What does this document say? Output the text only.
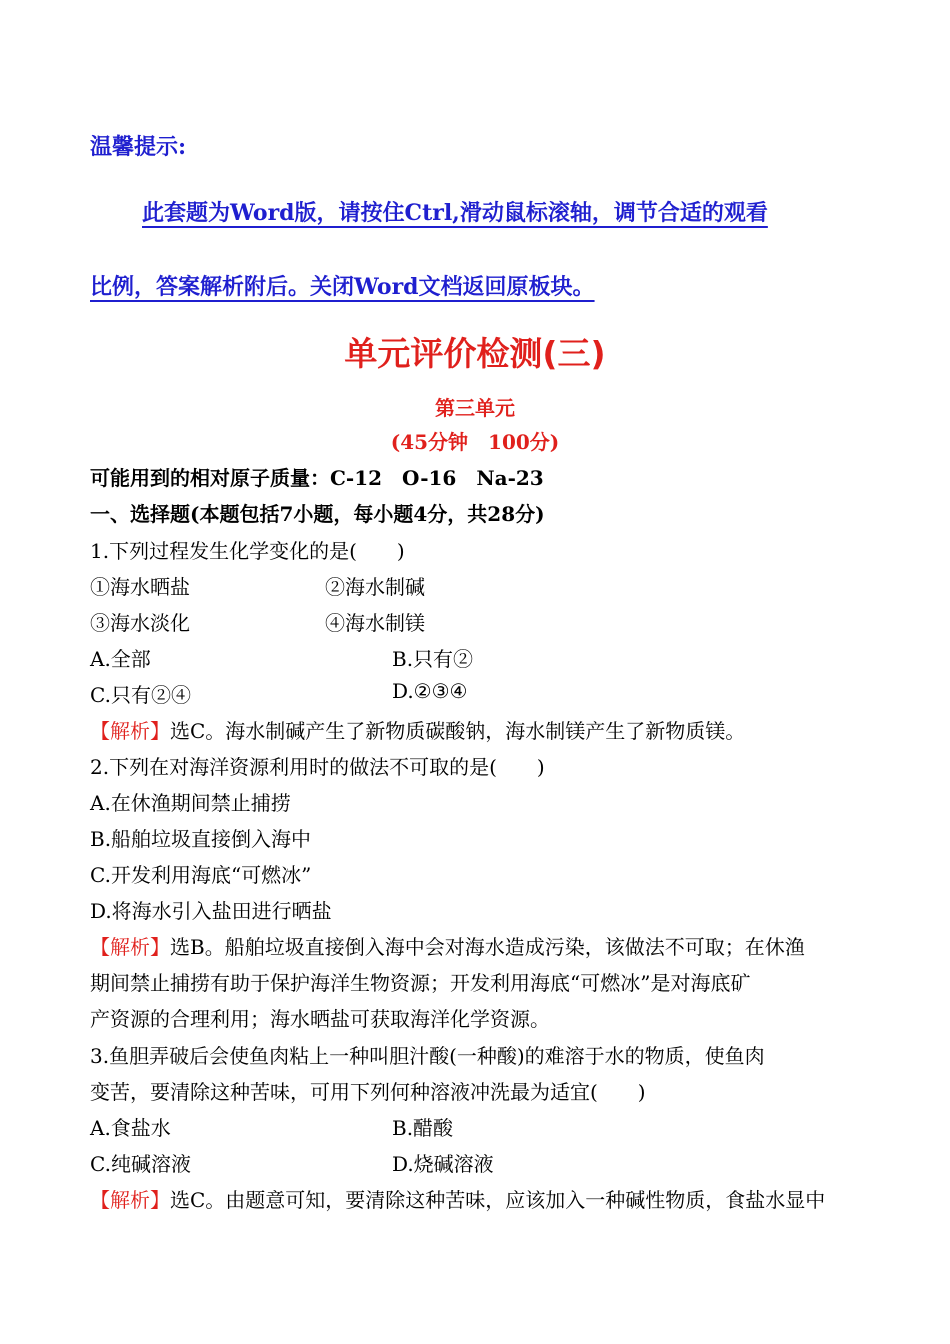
温馨提示:
此套题为Word版，请按住Ctrl,滑动鼠标滚轴，调节合适的观看
比例，答案解析附后。关闭Word文档返回原板块。
单元评价检测(三)
第三单元
(45分钟　100分)
可能用到的相对原子质量：C-12　O-16　Na-23
一、选择题(本题包括7小题，每小题4分，共28分)
1.下列过程发生化学变化的是(　　)
①海水晒盐	②海水制碱
③海水淡化	④海水制镁
A.全部	B.只有②
C.只有②④	D.②③④
【解析】选C。海水制碱产生了新物质碳酸钠，海水制镁产生了新物质镁。
2.下列在对海洋资源利用时的做法不可取的是(　　)
A.在休渔期间禁止捕捞
B.船舶垃圾直接倒入海中
C.开发利用海底“可燃冰”
D.将海水引入盐田进行晒盐
【解析】选B。船舶垃圾直接倒入海中会对海水造成污染，该做法不可取；在休渔
期间禁止捕捞有助于保护海洋生物资源；开发利用海底“可燃冰”是对海底矿
产资源的合理利用；海水晒盐可获取海洋化学资源。
3.鱼胆弄破后会使鱼肉粘上一种叫胆汁酸(一种酸)的难溶于水的物质，使鱼肉
变苦，要清除这种苦味，可用下列何种溶液冲洗最为适宜(　　)
A.食盐水	B.醋酸
C.纯碱溶液	D.烧碱溶液
【解析】选C。由题意可知，要清除这种苦味，应该加入一种碱性物质，食盐水显中
